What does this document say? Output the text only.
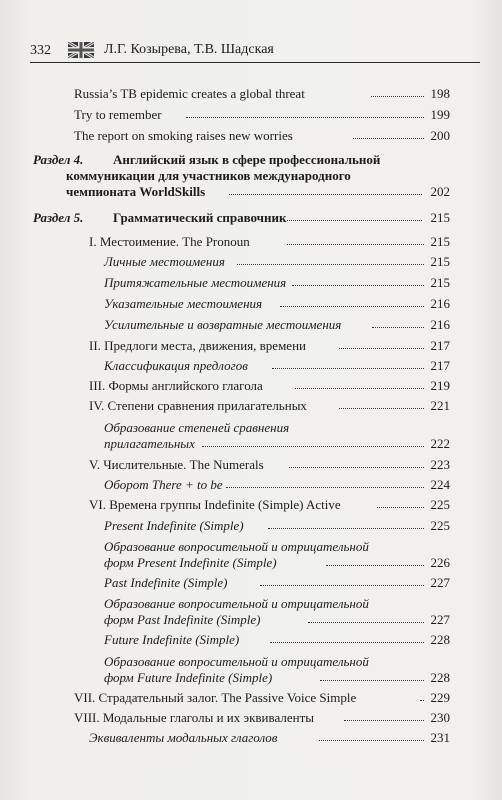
332	Л.Г. Козырева, Т.В. Шадская
Russia’s TB epidemic creates a global threat	198
Try to remember	199
The report on smoking raises new worries	200
Раздел 4. Английский язык в сфере профессиональной
коммуникации для участников международного
чемпионата WorldSkills	202
Раздел 5. Грамматический справочник	215
I. Местоимение. The Pronoun	215
Личные местоимения	215
Притяжательные местоимения	215
Указательные местоимения	216
Усилительные и возвратные местоимения	216
II. Предлоги места, движения, времени	217
Классификация предлогов	217
III. Формы английского глагола	219
IV. Степени сравнения прилагательных	221
Образование степеней сравнения
прилагательных	222
V. Числительные. The Numerals	223
Оборот There + to be	224
VI. Времена группы Indefinite (Simple) Active	225
Present Indefinite (Simple)	225
Образование вопросительной и отрицательной
форм Present Indefinite (Simple)	226
Past Indefinite (Simple)	227
Образование вопросительной и отрицательной
форм Past Indefinite (Simple)	227
Future Indefinite (Simple)	228
Образование вопросительной и отрицательной
форм Future Indefinite (Simple)	228
VII. Страдательный залог. The Passive Voice Simple	229
VIII. Модальные глаголы и их эквиваленты	230
Эквиваленты модальных глаголов	231
